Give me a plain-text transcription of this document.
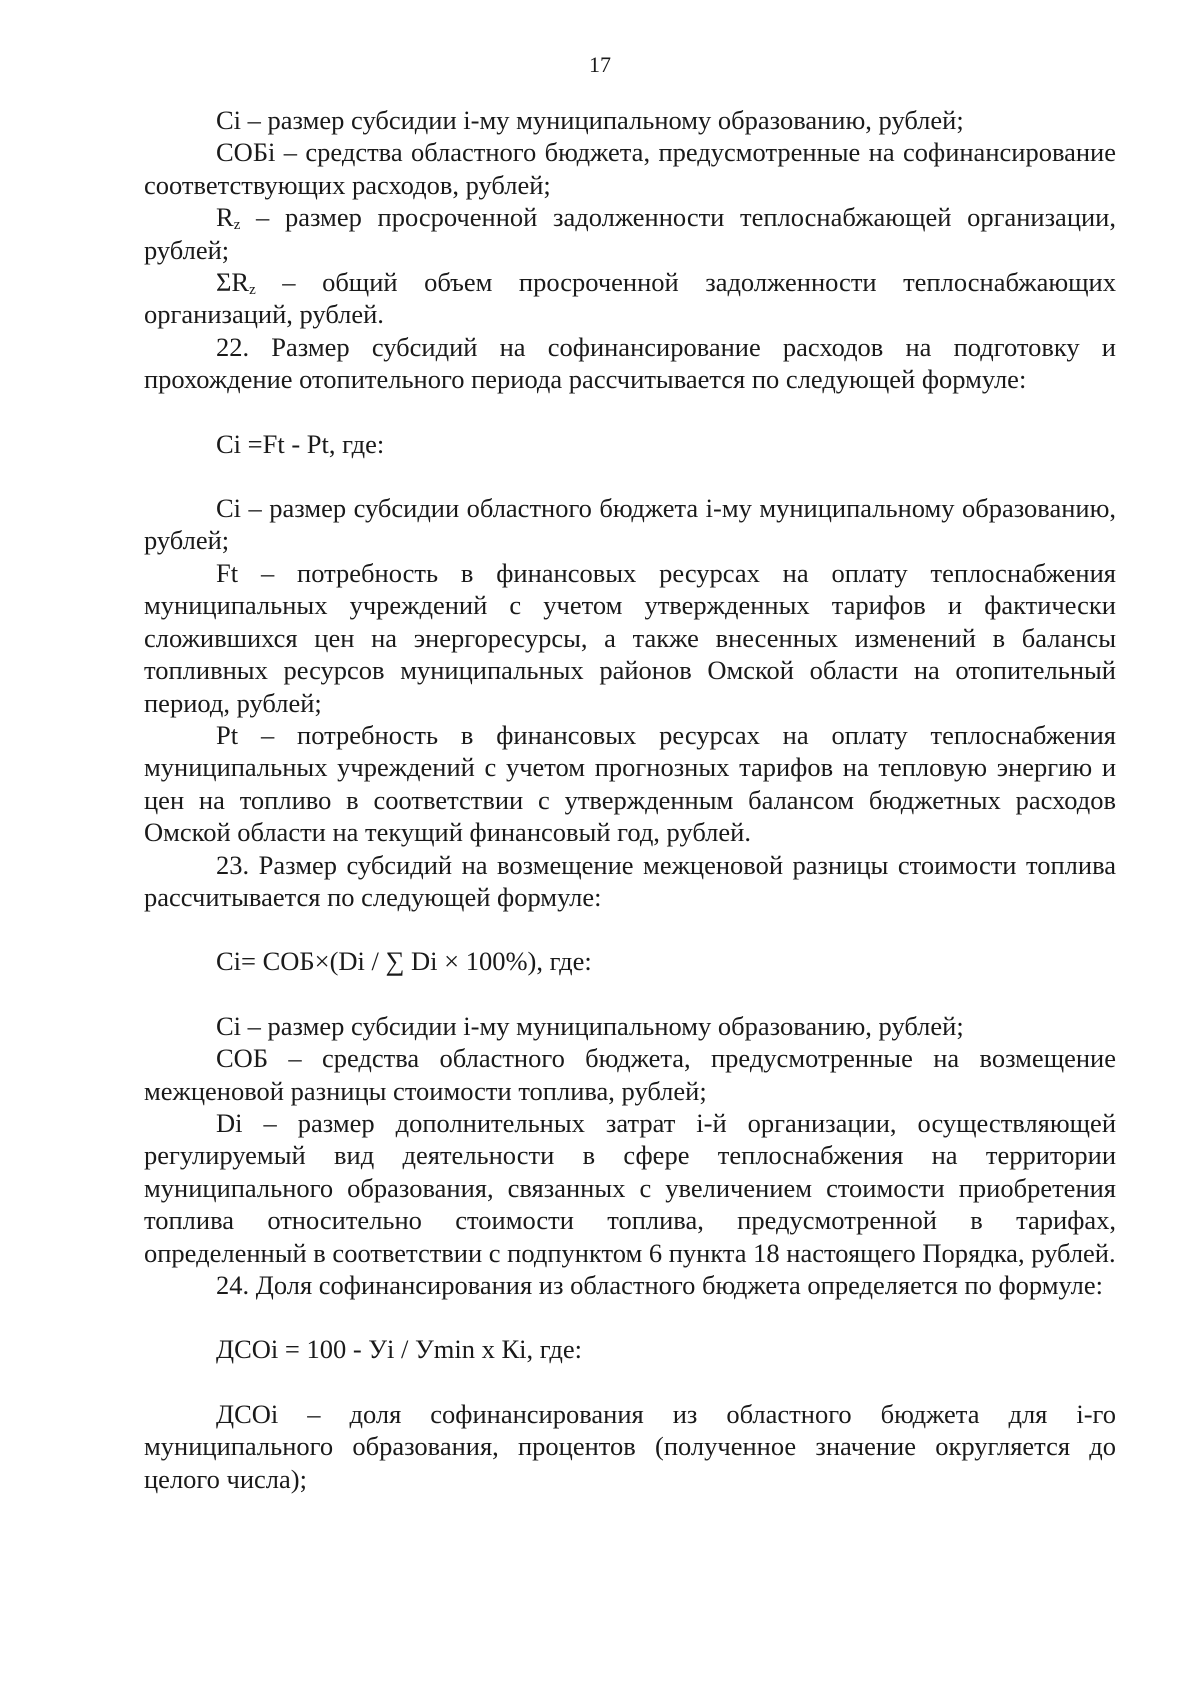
17

Ci – размер субсидии i-му муниципальному образованию, рублей;

СОБi – средства областного бюджета, предусмотренные на софинансирование соответствующих расходов, рублей;

$R_z$ – размер просроченной задолженности теплоснабжающей организации, рублей;

$\Sigma R_z$ – общий объем просроченной задолженности теплоснабжающих организаций, рублей.

22. Размер субсидий на софинансирование расходов на подготовку и прохождение отопительного периода рассчитывается по следующей формуле:

Ci =Ft - Pt, где:

Ci – размер субсидии областного бюджета i-му муниципальному образованию, рублей;

Ft – потребность в финансовых ресурсах на оплату теплоснабжения муниципальных учреждений с учетом утвержденных тарифов и фактически сложившихся цен на энергоресурсы, а также внесенных изменений в балансы топливных ресурсов муниципальных районов Омской области на отопительный период, рублей;

Pt – потребность в финансовых ресурсах на оплату теплоснабжения муниципальных учреждений с учетом прогнозных тарифов на тепловую энергию и цен на топливо в соответствии с утвержденным балансом бюджетных расходов Омской области на текущий финансовый год, рублей.

23. Размер субсидий на возмещение межценовой разницы стоимости топлива рассчитывается по следующей формуле:

Ci= СОБ×(Di / ∑ Di × 100%), где:

Ci – размер субсидии i-му муниципальному образованию, рублей;

СОБ – средства областного бюджета, предусмотренные на возмещение межценовой разницы стоимости топлива, рублей;

Di – размер дополнительных затрат i-й организации, осуществляющей регулируемый вид деятельности в сфере теплоснабжения на территории муниципального образования, связанных с увеличением стоимости приобретения топлива относительно стоимости топлива, предусмотренной в тарифах, определенный в соответствии с подпунктом 6 пункта 18 настоящего Порядка, рублей.

24. Доля софинансирования из областного бюджета определяется по формуле:

ДСОi = 100 - Уi / Уmin х Кi, где:

ДСОi – доля софинансирования из областного бюджета для i-го муниципального образования, процентов (полученное значение округляется до целого числа);
